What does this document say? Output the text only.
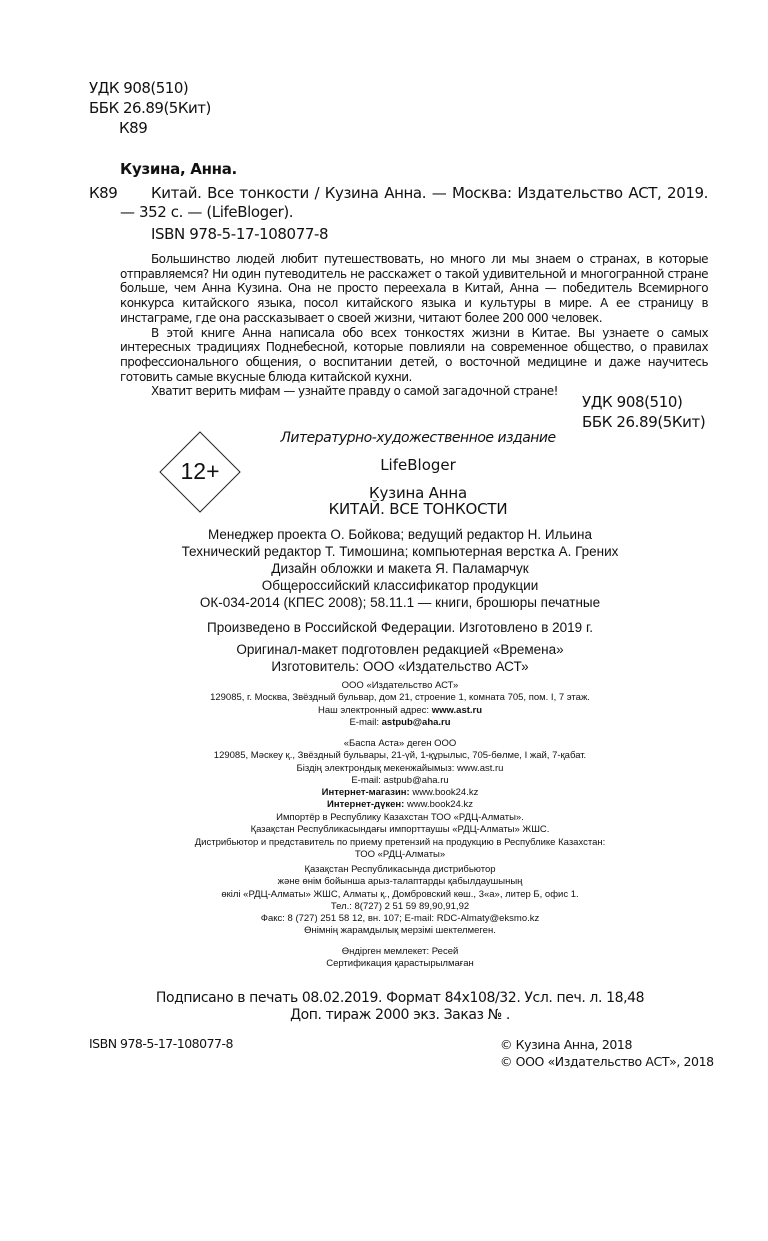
УДК 908(510)
ББК 26.89(5Кит)
К89
Кузина, Анна.
К89	Китай. Все тонкости / Кузина Анна. — Москва: Издательство АСТ, 2019. — 352 с. — (LifeBloger).
ISBN 978-5-17-108077-8

Большинство людей любит путешествовать, но много ли мы знаем о странах, в которые отправляемся? Ни один путеводитель не расскажет о такой удивительной и многогранной стране больше, чем Анна Кузина. Она не просто переехала в Китай, Анна — победитель Всемирного конкурса китайского языка, посол китайского языка и культуры в мире. А ее страницу в инстаграме, где она рассказывает о своей жизни, читают более 200 000 человек.

В этой книге Анна написала обо всех тонкостях жизни в Китае. Вы узнаете о самых интересных традициях Поднебесной, которые повлияли на современное общество, о правилах профессионального общения, о воспитании детей, о восточной медицине и даже научитесь готовить самые вкусные блюда китайской кухни.

Хватит верить мифам — узнайте правду о самой загадочной стране!

УДК 908(510)
ББК 26.89(5Кит)
12+
Литературно-художественное издание
LifeBloger
Кузина Анна
КИТАЙ. ВСЕ ТОНКОСТИ
Менеджер проекта О. Бойкова; ведущий редактор Н. Ильина
Технический редактор Т. Тимошина; компьютерная верстка А. Грених
Дизайн обложки и макета Я. Паламарчук
Общероссийский классификатор продукции
ОК-034-2014 (КПЕС 2008); 58.11.1 — книги, брошюры печатные
Произведено в Российской Федерации. Изготовлено в 2019 г.
Оригинал-макет подготовлен редакцией «Времена»
Изготовитель: ООО «Издательство АСТ»
ООО «Издательство АСТ»
129085, г. Москва, Звёздный бульвар, дом 21, строение 1, комната 705, пом. I, 7 этаж.
Наш электронный адрес: www.ast.ru
E-mail: astpub@aha.ru
«Баспа Аста» деген ООО
129085, Мәскеу қ., Звёздный бульвары, 21-үй, 1-құрылыс, 705-бөлме, I жай, 7-қабат.
Біздің электрондық мекенжайымыз: www.ast.ru
E-mail: astpub@aha.ru
Интернет-магазин: www.book24.kz
Интернет-дүкен: www.book24.kz
Импортёр в Республику Казахстан ТОО «РДЦ-Алматы».
Қазақстан Республикасындағы импорттаушы «РДЦ-Алматы» ЖШС.
Дистрибьютор и представитель по приему претензий на продукцию в Республике Казахстан:
ТОО «РДЦ-Алматы»
Қазақстан Республикасында дистрибьютор
және өнім бойынша арыз-талаптарды қабылдаушының
өкілі «РДЦ-Алматы» ЖШС, Алматы қ., Домбровский көш., 3«а», литер Б, офис 1.
Тел.: 8(727) 2 51 59 89,90,91,92
Факс: 8 (727) 251 58 12, вн. 107; E-mail: RDC-Almaty@eksmo.kz
Өнімнің жарамдылық мерзімі шектелмеген.
Өндірген мемлекет: Ресей
Сертификация қарастырылмаған
Подписано в печать 08.02.2019. Формат 84x108/32. Усл. печ. л. 18,48
Доп. тираж 2000 экз. Заказ № .
ISBN 978-5-17-108077-8	© Кузина Анна, 2018
© ООО «Издательство АСТ», 2018
